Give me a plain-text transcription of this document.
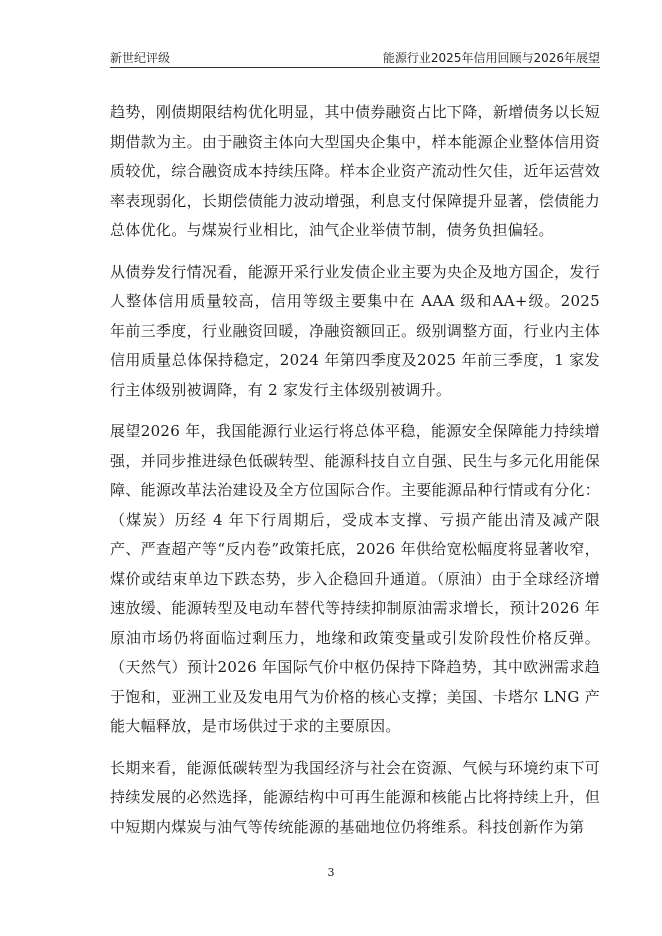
新世纪评级	能源行业2025年信用回顾与2026年展望

趋势，刚债期限结构优化明显，其中债券融资占比下降，新增债务以长短期借款为主。由于融资主体向大型国央企集中，样本能源企业整体信用资质较优，综合融资成本持续压降。样本企业资产流动性欠佳，近年运营效率表现弱化，长期偿债能力波动增强，利息支付保障提升显著，偿债能力总体优化。与煤炭行业相比，油气企业举债节制，债务负担偏轻。

从债券发行情况看，能源开采行业发债企业主要为央企及地方国企，发行人整体信用质量较高，信用等级主要集中在 AAA 级和AA+级。2025 年前三季度，行业融资回暖，净融资额回正。级别调整方面，行业内主体信用质量总体保持稳定，2024 年第四季度及2025 年前三季度，1 家发行主体级别被调降，有 2 家发行主体级别被调升。

展望2026 年，我国能源行业运行将总体平稳，能源安全保障能力持续增强，并同步推进绿色低碳转型、能源科技自立自强、民生与多元化用能保障、能源改革法治建设及全方位国际合作。主要能源品种行情或有分化：（煤炭）历经 4 年下行周期后，受成本支撑、亏损产能出清及减产限产、严查超产等“反内卷”政策托底，2026 年供给宽松幅度将显著收窄，煤价或结束单边下跌态势，步入企稳回升通道。（原油）由于全球经济增速放缓、能源转型及电动车替代等持续抑制原油需求增长，预计2026 年原油市场仍将面临过剩压力，地缘和政策变量或引发阶段性价格反弹。（天然气）预计2026 年国际气价中枢仍保持下降趋势，其中欧洲需求趋于饱和，亚洲工业及发电用气为价格的核心支撑；美国、卡塔尔 LNG 产能大幅释放，是市场供过于求的主要原因。

长期来看，能源低碳转型为我国经济与社会在资源、气候与环境约束下可持续发展的必然选择，能源结构中可再生能源和核能占比将持续上升，但中短期内煤炭与油气等传统能源的基础地位仍将维系。科技创新作为第

3
